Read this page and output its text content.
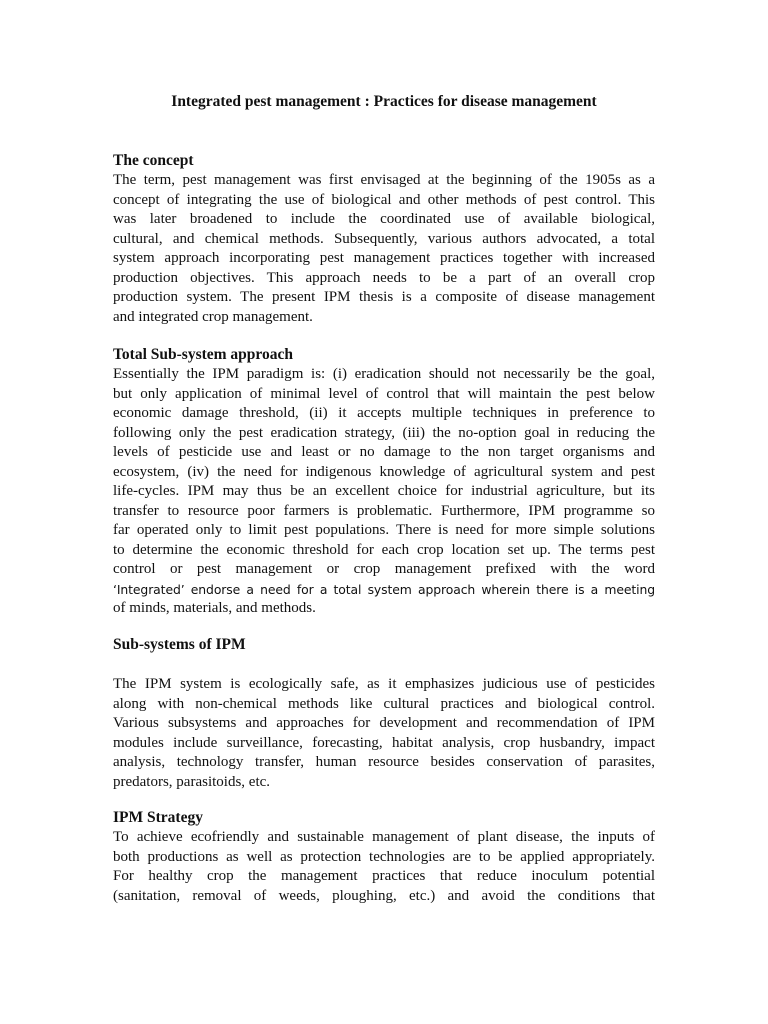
Integrated pest management : Practices for disease management
The concept
The term, pest management was first envisaged at the beginning of the 1905s as a
concept of integrating the use of biological and other methods of pest control. This
was later broadened to include the coordinated use of available biological,
cultural, and chemical methods. Subsequently, various authors advocated, a total
system approach incorporating pest management practices together with increased
production objectives. This approach needs to be a part of an overall crop
production system. The present IPM thesis is a composite of disease management
and integrated crop management.
Total Sub-system approach
Essentially the IPM paradigm is: (i) eradication should not necessarily be the goal,
but only application of minimal level of control that will maintain the pest below
economic damage threshold, (ii) it accepts multiple techniques in preference to
following only the pest eradication strategy, (iii) the no-option goal in reducing the
levels of pesticide use and least or no damage to the non target organisms and
ecosystem, (iv) the need for indigenous knowledge of agricultural system and pest
life-cycles. IPM may thus be an excellent choice for industrial agriculture, but its
transfer to resource poor farmers is problematic. Furthermore, IPM programme so
far operated only to limit pest populations. There is need for more simple solutions
to determine the economic threshold for each crop location set up. The terms pest
control or pest management or crop management prefixed with the word
‘Integrated’ endorse a need for a total system approach wherein there is a meeting
of minds, materials, and methods.
Sub-systems of IPM
The IPM system is ecologically safe, as it emphasizes judicious use of pesticides
along with non-chemical methods like cultural practices and biological control.
Various subsystems and approaches for development and recommendation of IPM
modules include surveillance, forecasting, habitat analysis, crop husbandry, impact
analysis, technology transfer, human resource besides conservation of parasites,
predators, parasitoids, etc.
IPM Strategy
To achieve ecofriendly and sustainable management of plant disease, the inputs of
both productions as well as protection technologies are to be applied appropriately.
For healthy crop the management practices that reduce inoculum potential
(sanitation, removal of weeds, ploughing, etc.) and avoid the conditions that
